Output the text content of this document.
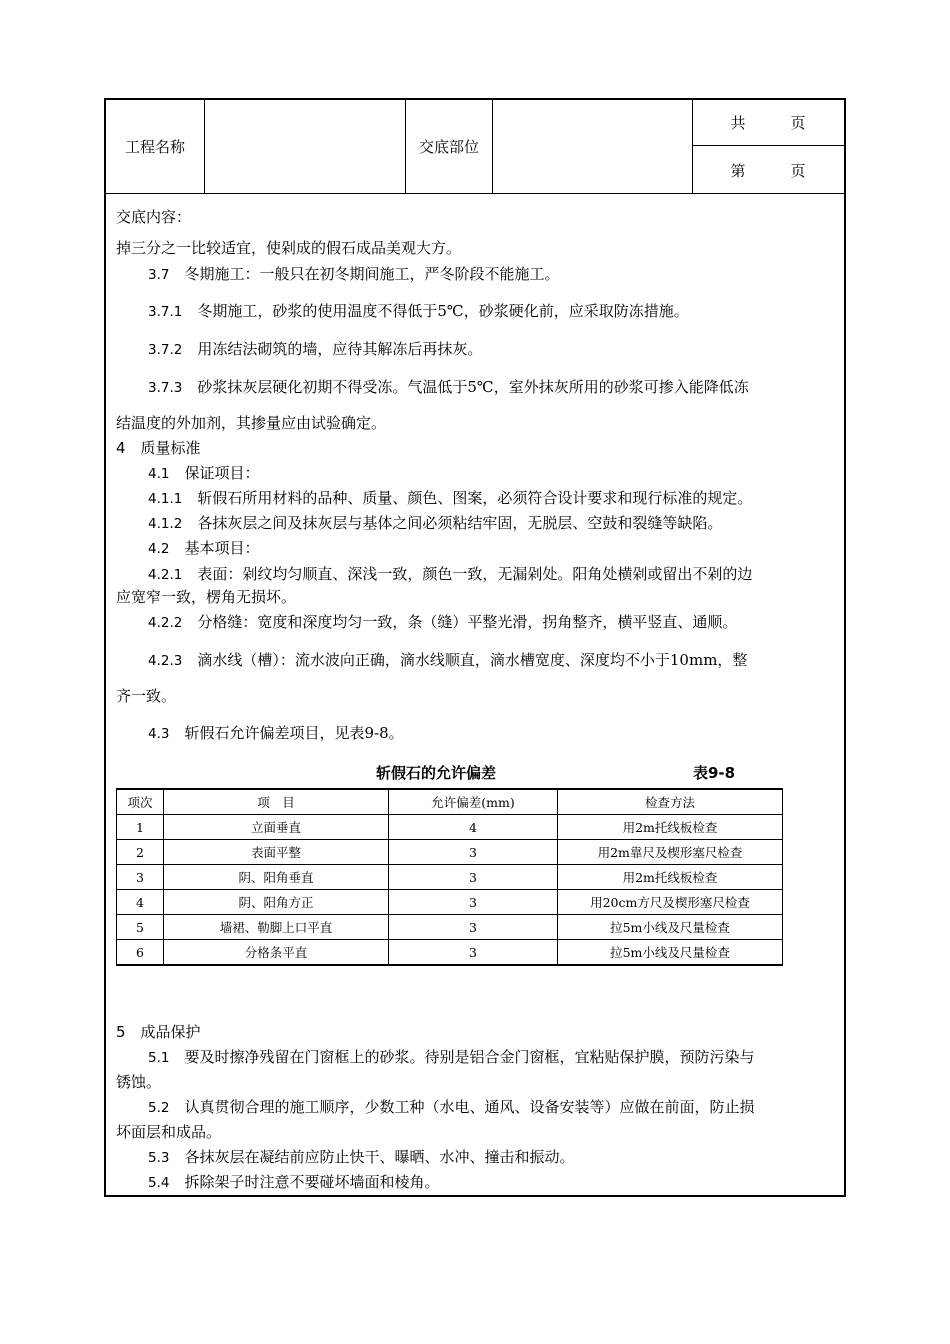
工程名称	交底部位
共　　　页
第　　　页
交底内容：
掉三分之一比较适宜，使剁成的假石成品美观大方。
3.7　 冬期施工：一般只在初冬期间施工，严冬阶段不能施工。
3.7.1　 冬期施工，砂浆的使用温度不得低于5℃，砂浆硬化前，应采取防冻措施。
3.7.2　 用冻结法砌筑的墙，应待其解冻后再抹灰。
3.7.3　 砂浆抹灰层硬化初期不得受冻。气温低于5℃，室外抹灰所用的砂浆可掺入能降低冻
结温度的外加剂，其掺量应由试验确定。
4　质量标准
4.1　 保证项目：
4.1.1　 斩假石所用材料的品种、质量、颜色、图案，必须符合设计要求和现行标准的规定。
4.1.2　 各抹灰层之间及抹灰层与基体之间必须粘结牢固，无脱层、空鼓和裂缝等缺陷。
4.2　 基本项目：
4.2.1　 表面：剁纹均匀顺直、深浅一致，颜色一致，无漏剁处。阳角处横剁或留出不剁的边
应宽窄一致，楞角无损坏。
4.2.2　 分格缝：宽度和深度均匀一致，条（缝）平整光滑，拐角整齐，横平竖直、通顺。
4.2.3　 滴水线（槽）：流水波向正确，滴水线顺直，滴水槽宽度、深度均不小于10mm，整
齐一致。
4.3　 斩假石允许偏差项目，见表9-8。
斩假石的允许偏差	表9-8
项次	项　目	允许偏差(mm)	检查方法
1	立面垂直	4	用2m托线板检查
2	表面平整	3	用2m靠尺及楔形塞尺检查
3	阴、阳角垂直	3	用2m托线板检查
4	阴、阳角方正	3	用20cm方尺及楔形塞尺检查
5	墙裙、勒脚上口平直	3	拉5m小线及尺量检查
6	分格条平直	3	拉5m小线及尺量检查
5　成品保护
5.1　 要及时擦净残留在门窗框上的砂浆。待别是铝合金门窗框，宜粘贴保护膜，预防污染与
锈蚀。
5.2　 认真贯彻合理的施工顺序，少数工种（水电、通风、设备安装等）应做在前面，防止损
坏面层和成品。
5.3　 各抹灰层在凝结前应防止快干、曝晒、水冲、撞击和振动。
5.4　 拆除架子时注意不要碰坏墙面和棱角。
